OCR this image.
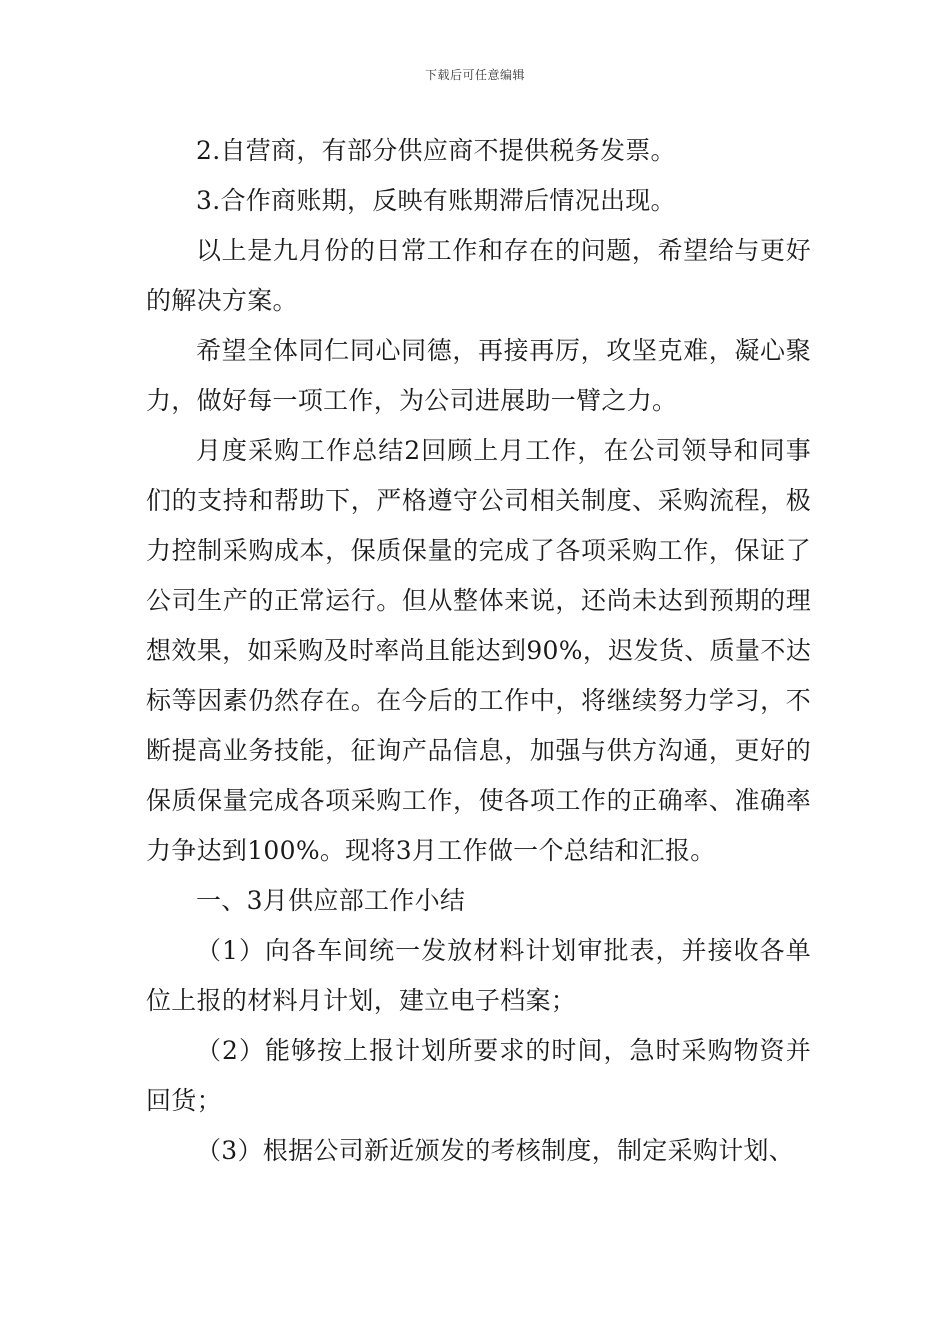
下载后可任意编辑

2.自营商，有部分供应商不提供税务发票。

3.合作商账期，反映有账期滞后情况出现。

以上是九月份的日常工作和存在的问题，希望给与更好的解决方案。

希望全体同仁同心同德，再接再厉，攻坚克难，凝心聚力，做好每一项工作，为公司进展助一臂之力。

月度采购工作总结2回顾上月工作，在公司领导和同事们的支持和帮助下，严格遵守公司相关制度、采购流程，极力控制采购成本，保质保量的完成了各项采购工作，保证了公司生产的正常运行。但从整体来说，还尚未达到预期的理想效果，如采购及时率尚且能达到90%，迟发货、质量不达标等因素仍然存在。在今后的工作中，将继续努力学习，不断提高业务技能，征询产品信息，加强与供方沟通，更好的保质保量完成各项采购工作，使各项工作的正确率、准确率力争达到100%。现将3月工作做一个总结和汇报。

一、3月供应部工作小结

（1）向各车间统一发放材料计划审批表，并接收各单位上报的材料月计划，建立电子档案；

（2）能够按上报计划所要求的时间，急时采购物资并回货；

（3）根据公司新近颁发的考核制度，制定采购计划、
